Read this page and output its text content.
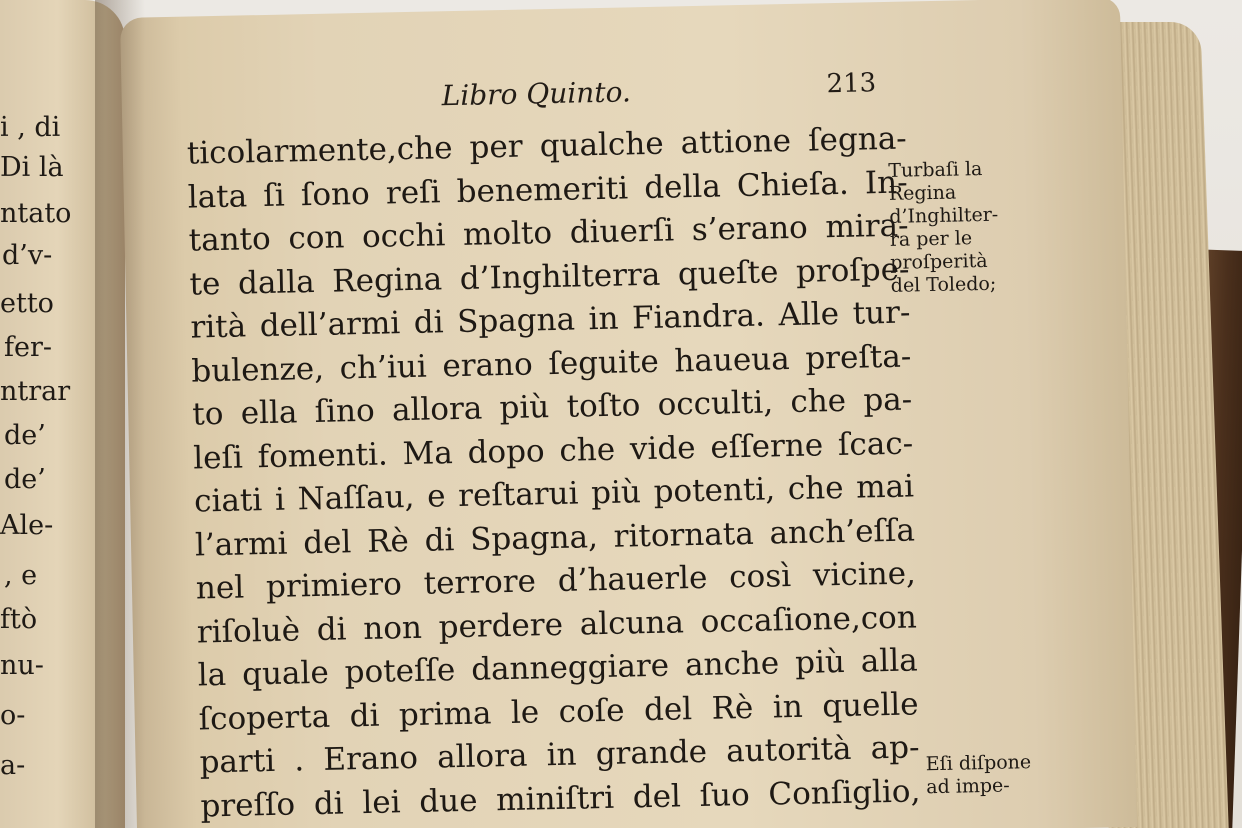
i , di
Di là
ntato
d’v-
etto
fer-
ntrar
de’
de’
Ale-
, e
ftò
nu-
o-
a-
Libro Quinto.	213
ticolarmente,che per qualche attione ſegna-
lata ſi ſono reſi benemeriti della Chieſa. In-
tanto con occhi molto diuerſi s’erano mira-
te dalla Regina d’Inghilterra queſte proſpe-
rità dell’armi di Spagna in Fiandra. Alle tur-
bulenze, ch’iui erano ſeguite haueua preſta-
to ella ſino allora più toſto occulti, che pa-
leſi fomenti. Ma dopo che vide eſſerne ſcac-
ciati i Naſſau, e reſtarui più potenti, che mai
l’armi del Rè di Spagna, ritornata anch’eſſa
nel primiero terrore d’hauerle così vicine,
riſoluè di non perdere alcuna occaſione,con
la quale poteſſe danneggiare anche più alla
ſcoperta di prima le coſe del Rè in quelle
parti . Erano allora in grande autorità ap-
preſſo di lei due miniſtri del ſuo Conſiglio,
Turbaſi la
Regina
d’Inghilter-
ra per le
proſperità
del Toledo;
Eſi diſpone
ad impe-
